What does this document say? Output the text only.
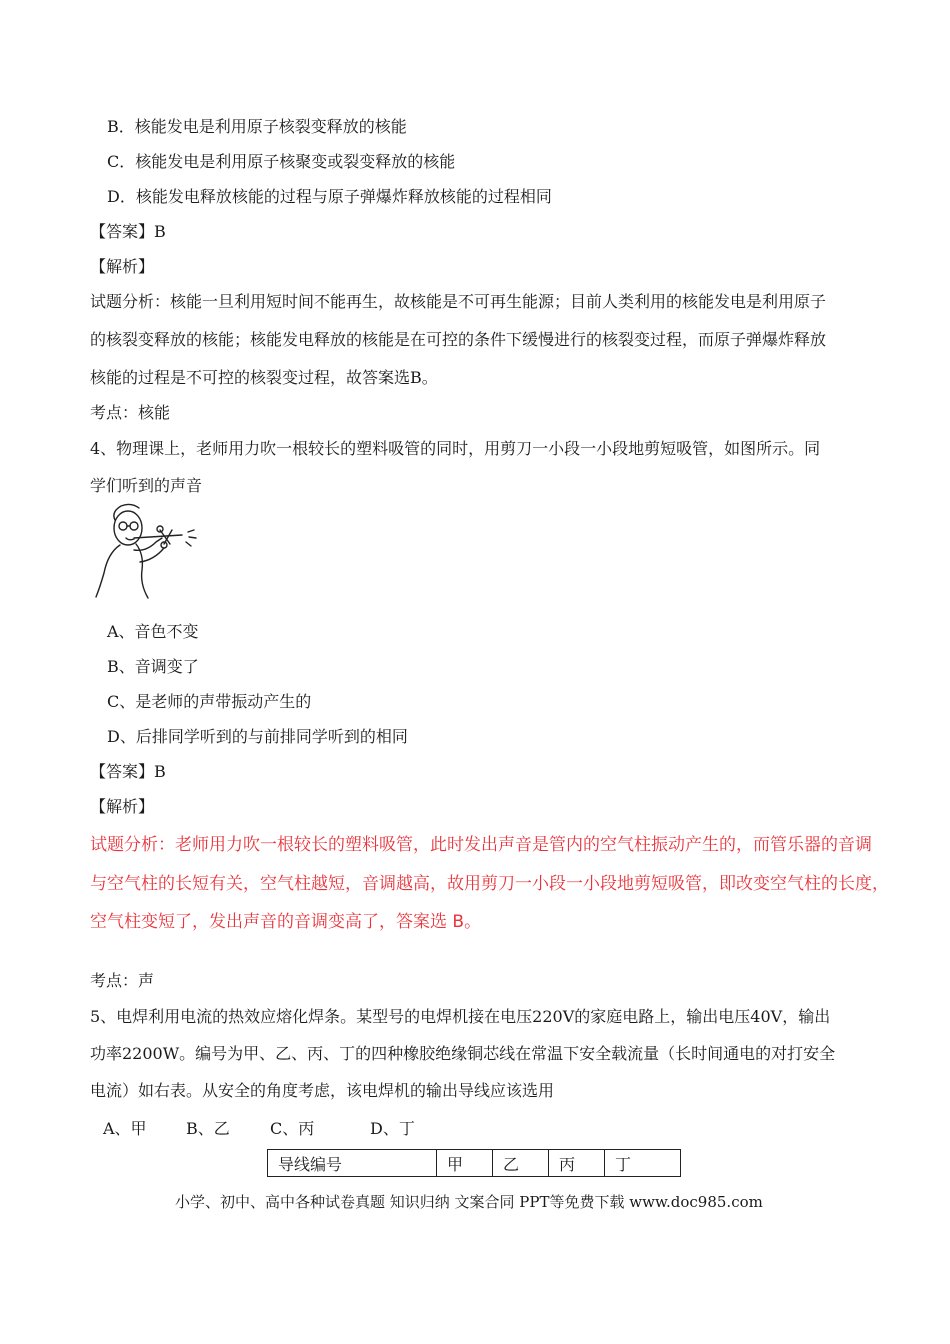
B．核能发电是利用原子核裂变释放的核能
C．核能发电是利用原子核聚变或裂变释放的核能
D．核能发电释放核能的过程与原子弹爆炸释放核能的过程相同
【答案】B
【解析】
试题分析：核能一旦利用短时间不能再生，故核能是不可再生能源；目前人类利用的核能发电是利用原子
的核裂变释放的核能；核能发电释放的核能是在可控的条件下缓慢进行的核裂变过程，而原子弹爆炸释放
核能的过程是不可控的核裂变过程，故答案选B。
考点：核能
4、物理课上，老师用力吹一根较长的塑料吸管的同时，用剪刀一小段一小段地剪短吸管，如图所示。同
学们听到的声音
A、音色不变
B、音调变了
C、是老师的声带振动产生的
D、后排同学听到的与前排同学听到的相同
【答案】B
【解析】
试题分析：老师用力吹一根较长的塑料吸管，此时发出声音是管内的空气柱振动产生的，而管乐器的音调
与空气柱的长短有关，空气柱越短，音调越高，故用剪刀一小段一小段地剪短吸管，即改变空气柱的长度，
空气柱变短了，发出声音的音调变高了，答案选 B。
考点：声
5、电焊利用电流的热效应熔化焊条。某型号的电焊机接在电压220V的家庭电路上，输出电压40V，输出
功率2200W。编号为甲、乙、丙、丁的四种橡胶绝缘铜芯线在常温下安全载流量（长时间通电的对打安全
电流）如右表。从安全的角度考虑，该电焊机的输出导线应该选用
A、甲 B、乙	C、丙	D、丁
导线编号	甲	乙	丙	丁
小学、初中、高中各种试卷真题 知识归纳 文案合同 PPT等免费下载 www.doc985.com
